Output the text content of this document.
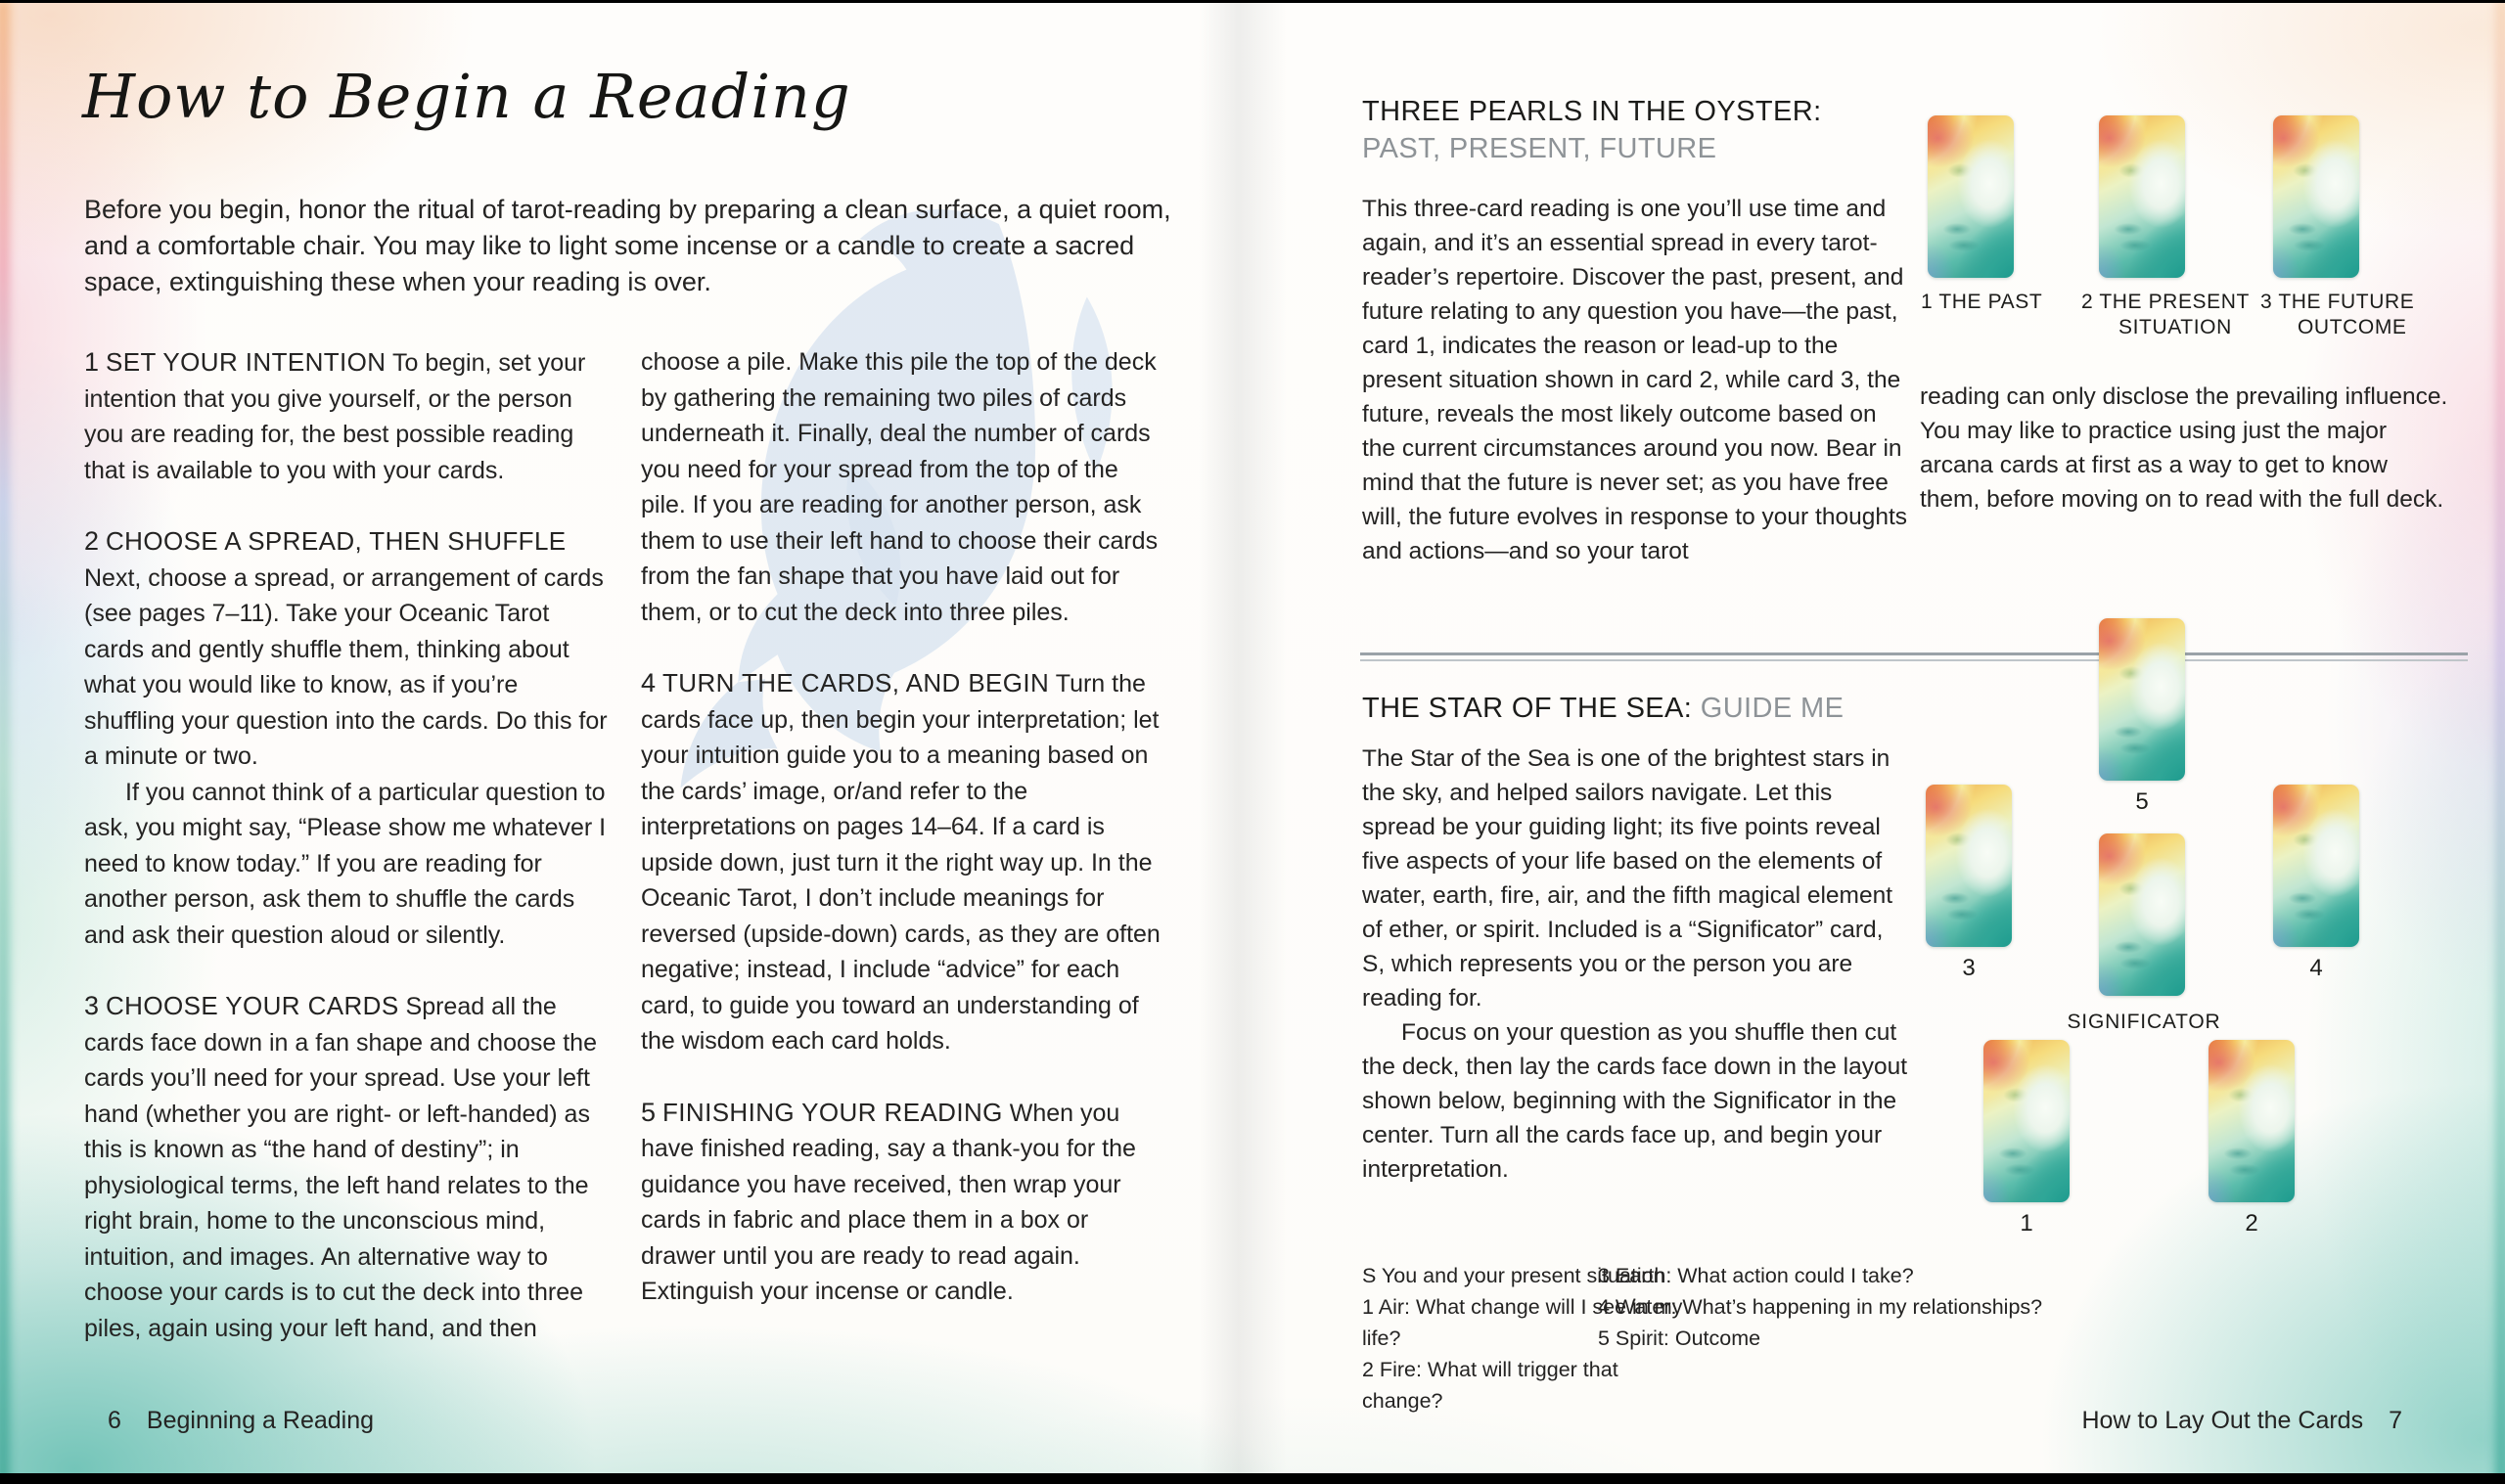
How to Begin a Reading
Before you begin, honor the ritual of tarot-reading by preparing a clean surface, a quiet room, and a comfortable chair. You may like to light some incense or a candle to create a sacred space, extinguishing these when your reading is over.

1 SET YOUR INTENTION To begin, set your intention that you give yourself, or the person you are reading for, the best possible reading that is available to you with your cards.

2 CHOOSE A SPREAD, THEN SHUFFLE Next, choose a spread, or arrangement of cards (see pages 7–11). Take your Oceanic Tarot cards and gently shuffle them, thinking about what you would like to know, as if you’re shuffling your question into the cards. Do this for a minute or two.

If you cannot think of a particular question to ask, you might say, “Please show me whatever I need to know today.” If you are reading for another person, ask them to shuffle the cards and ask their question aloud or silently.

3 CHOOSE YOUR CARDS Spread all the cards face down in a fan shape and choose the cards you’ll need for your spread. Use your left hand (whether you are right- or left-handed) as this is known as “the hand of destiny”; in physiological terms, the left hand relates to the right brain, home to the unconscious mind, intuition, and images. An alternative way to choose your cards is to cut the deck into three piles, again using your left hand, and then

choose a pile. Make this pile the top of the deck by gathering the remaining two piles of cards underneath it. Finally, deal the number of cards you need for your spread from the top of the pile. If you are reading for another person, ask them to use their left hand to choose their cards from the fan shape that you have laid out for them, or to cut the deck into three piles.

4 TURN THE CARDS, AND BEGIN Turn the cards face up, then begin your interpretation; let your intuition guide you to a meaning based on the cards’ image, or/and refer to the interpretations on pages 14–64. If a card is upside down, just turn it the right way up. In the Oceanic Tarot, I don’t include meanings for reversed (upside-down) cards, as they are often negative; instead, I include “advice” for each card, to guide you toward an understanding of the wisdom each card holds.

5 FINISHING YOUR READING When you have finished reading, say a thank-you for the guidance you have received, then wrap your cards in fabric and place them in a box or drawer until you are ready to read again. Extinguish your incense or candle.

6 Beginning a Reading
THREE PEARLS IN THE OYSTER:
PAST, PRESENT, FUTURE

This three-card reading is one you’ll use time and again, and it’s an essential spread in every tarot-reader’s repertoire. Discover the past, present, and future relating to any question you have—the past, card 1, indicates the reason or lead-up to the present situation shown in card 2, while card 3, the future, reveals the most likely outcome based on the current circumstances around you now. Bear in mind that the future is never set; as you have free will, the future evolves in response to your thoughts and actions—and so your tarot

reading can only disclose the prevailing influence. You may like to practice using just the major arcana cards at first as a way to get to know them, before moving on to read with the full deck.
1 THE PAST 2 THE PRESENT
SITUATION
3 THE FUTURE
OUTCOME
THE STAR OF THE SEA: GUIDE ME

The Star of the Sea is one of the brightest stars in the sky, and helped sailors navigate. Let this spread be your guiding light; its five points reveal five aspects of your life based on the elements of water, earth, fire, air, and the fifth magical element of ether, or spirit. Included is a “Significator” card, S, which represents you or the person you are reading for.

Focus on your question as you shuffle then cut the deck, then lay the cards face down in the layout shown below, beginning with the Significator in the center. Turn all the cards face up, and begin your interpretation.

5
3	4
SIGNIFICATOR
1	2
S You and your present situation
1 Air: What change will I see in my life?
2 Fire: What will trigger that change?
3 Earth: What action could I take?
4 Water: What’s happening in my relationships?
5 Spirit: Outcome
How to Lay Out the Cards 7
